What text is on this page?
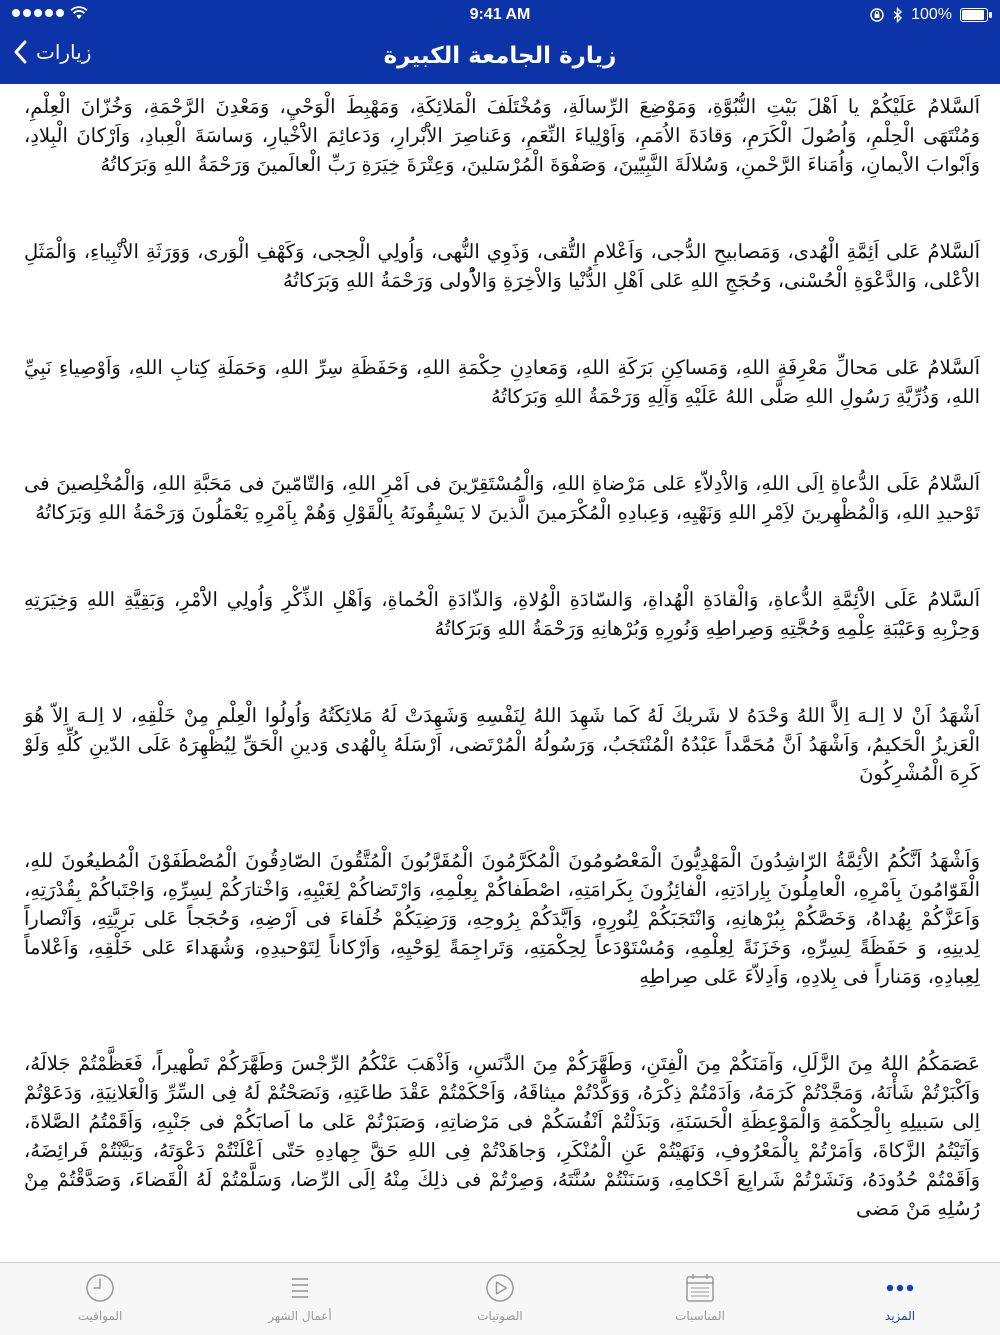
9:41 AM	100%
زيارات	زيارة الجامعة الكبيرة

اَلسَّلامُ عَلَيْكُمْ يا اَهْلَ بَيْتِ النُّبُوَّةِ، وَمَوْضِعَ الرِّسالَةِ، وَمُخْتَلَفَ الْمَلائِكَةِ، وَمَهْبِطَ الْوَحْيِ، وَمَعْدِنَ الرَّحْمَةِ، وَخُزّانَ الْعِلْمِ، وَمُنْتَهَى الْحِلْمِ، وَاُصُولَ الْكَرَمِ، وَقادَةَ الاُمَمِ، وَاَوْلِياءَ النِّعَمِ، وَعَناصِرَ الاَْبْرارِ، وَدَعائِمَ الاَْخْيارِ، وَساسَةَ الْعِبادِ، وَاَرْكانَ الْبِلادِ، وَاَبْوابَ الاْيمانِ، وَاُمَناءَ الرَّحْمنِ، وَسُلالَةَ النَّبِيّينَ، وَصَفْوَةَ الْمُرْسَلينَ، وَعِتْرَةَ خِيَرَةِ رَبِّ الْعالَمينَ وَرَحْمَةُ اللهِ وَبَرَكاتُهُ

اَلسَّلامُ عَلى اَئِمَّةِ الْهُدى، وَمَصابيحِ الدُّجى، وَاَعْلامِ التُّقى، وَذَوِي النُّهى، وَاُولِي الْحِجى، وَكَهْفِ الْوَرى، وَوَرَثَةِ الاَْنْبِياءِ، وَالْمَثَلِ الاَْعْلى، وَالدَّعْوَةِ الْحُسْنى، وَحُجَجِ اللهِ عَلى اَهْلِ الدُّنْيا وَالاْخِرَةِ وَالاُْولى وَرَحْمَةُ اللهِ وَبَرَكاتُهُ

اَلسَّلامُ عَلى مَحالِّ مَعْرِفَةِ اللهِ، وَمَساكِنِ بَرَكَةِ اللهِ، وَمَعادِنِ حِكْمَةِ اللهِ، وَحَفَظَةِ سِرِّ اللهِ، وَحَمَلَةِ كِتابِ اللهِ، وَاَوْصِياءِ نَبِيِّ اللهِ، وَذُرِّيَّةِ رَسُولِ اللهِ صَلَّى اللهُ عَلَيْهِ وَآلِهِ وَرَحْمَةُ اللهِ وَبَرَكاتُهُ

اَلسَّلامُ عَلَى الدُّعاةِ اِلَى اللهِ، وَالاَْدِلاّءِ عَلى مَرْضاةِ اللهِ، وَالْمُسْتَقِرّينَ فى اَمْرِ اللهِ، وَالتّامّينَ فى مَحَبَّةِ اللهِ، وَالْمُخْلِصينَ فى تَوْحيدِ اللهِ، وَالْمُظْهِرينَ لاَِمْرِ اللهِ وَنَهْيِهِ، وَعِبادِهِ الْمُكْرَمينَ الَّذينَ لا يَسْبِقُونَهُ بِالْقَوْلِ وَهُمْ بِاَمْرِهِ يَعْمَلُونَ وَرَحْمَةُ اللهِ وَبَرَكاتُهُ

اَلسَّلامُ عَلَى الاَْئِمَّةِ الدُّعاةِ، وَالْقادَةِ الْهُداةِ، وَالسّادَةِ الْوُلاةِ، وَالذّادَةِ الْحُماةِ، وَاَهْلِ الذِّكْرِ وَاُولِي الاَْمْرِ، وَبَقِيَّةِ اللهِ وَخِيَرَتِهِ وَحِزْبِهِ وَعَيْبَةِ عِلْمِهِ وَحُجَّتِهِ وَصِراطِهِ وَنُورِهِ وَبُرْهانِهِ وَرَحْمَةُ اللهِ وَبَرَكاتُهُ

اَشْهَدُ اَنْ لا اِلـهَ اِلاَّ اللهُ وَحْدَهُ لا شَريكَ لَهُ كَما شَهِدَ اللهُ لِنَفْسِهِ وَشَهِدَتْ لَهُ مَلائِكَتُهُ وَاُولُوا الْعِلْمِ مِنْ خَلْقِهِ، لا اِلـهَ اِلاّ هُوَ الْعَزيزُ الْحَكيمُ، وَاَشْهَدُ اَنَّ مُحَمَّداً عَبْدُهُ الْمُنْتَجَبُ، وَرَسُولُهُ الْمُرْتَضى، اَرْسَلَهُ بِالْهُدى وَدينِ الْحَقِّ لِيُظْهِرَهُ عَلَى الدّينِ كُلِّهِ وَلَوْ كَرِهَ الْمُشْرِكُونَ

وَاَشْهَدُ اَنَّكُمُ الاَْئِمَّةُ الرّاشِدُونَ الْمَهْدِيُّونَ الْمَعْصُومُونَ الْمُكَرَّمُونَ الْمُقَرَّبُونَ الْمُتَّقُونَ الصّادِقُونَ الْمُصْطَفَوْنَ الْمُطيعُونَ للهِ، الْقَوّامُونَ بِاَمْرِهِ، الْعامِلُونَ بِاِرادَتِهِ، الْفائِزُونَ بِكَرامَتِهِ، اصْطَفاكُمْ بِعِلْمِهِ، وَارْتَضاكُمْ لِغَيْبِهِ، وَاخْتارَكُمْ لِسِرِّهِ، وَاجْتَباكُمْ بِقُدْرَتِهِ، وَاَعَزَّكُمْ بِهُداهُ، وَخَصَّكُمْ بِبُرْهانِهِ، وَانْتَجَبَكُمْ لِنُورِهِ، وَاَيَّدَكُمْ بِرُوحِهِ، وَرَضِيَكُمْ خُلَفاءَ فى اَرْضِهِ، وَحُجَجاً عَلى بَرِيَّتِهِ، وَاَنْصاراً لِدينِهِ، وَ حَفَظَةً لِسِرِّهِ، وَخَزَنَةً لِعِلْمِهِ، وَمُسْتَوْدَعاً لِحِكْمَتِهِ، وَتَراجِمَةً لِوَحْيِهِ، وَاَرْكاناً لِتَوْحيدِهِ، وَشُهَداءَ عَلى خَلْقِهِ، وَاَعْلاماً لِعِبادِهِ، وَمَناراً فى بِلادِهِ، وَاَدِلاّءَ عَلى صِراطِهِ

عَصَمَكُمُ اللهُ مِنَ الزَّلَلِ، وَآمَنَكُمْ مِنَ الْفِتَنِ، وَطَهَّرَكُمْ مِنَ الدَّنَسِ، وَاَذْهَبَ عَنْكُمُ الرِّجْسَ وَطَهَّرَكُمْ تَطْهيراً، فَعَظَّمْتُمْ جَلالَهُ، وَاَكْبَرْتُمْ شَأْنَهُ، وَمَجَّدْتُمْ كَرَمَهُ، وَاَدَمْتُمْ ذِكْرَهُ، وَوَكَّدْتُمْ ميثاقَهُ، وَاَحْكَمْتُمْ عَقْدَ طاعَتِهِ، وَنَصَحْتُمْ لَهُ فِى السِّرِّ وَالْعَلانِيَةِ، وَدَعَوْتُمْ اِلى سَبيلِهِ بِالْحِكْمَةِ وَالْمَوْعِظَةِ الْحَسَنَةِ، وَبَذَلْتُمْ اَنْفُسَكُمْ فى مَرْضاتِهِ، وَصَبَرْتُمْ عَلى ما اَصابَكُمْ فى جَنْبِهِ، وَاَقَمْتُمُ الصَّلاةَ، وَآتَيْتُمُ الزَّكاةَ، وَاَمَرْتُمْ بِالْمَعْرُوفِ، وَنَهَيْتُمْ عَنِ الْمُنْكَرِ، وَجاهَدْتُمْ فِى اللهِ حَقَّ جِهادِهِ حَتّى اَعْلَنْتُمْ دَعْوَتَهُ، وَبَيَّنْتُمْ فَرائِضَهُ، وَاَقَمْتُمْ حُدُودَهُ، وَنَشَرْتُمْ شَرايِعَ اَحْكامِهِ، وَسَنَنْتُمْ سُنَّتَهُ، وَصِرْتُمْ فى ذلِكَ مِنْهُ اِلَى الرِّضا، وَسَلَّمْتُمْ لَهُ الْقَضاءَ، وَصَدَّقْتُمْ مِنْ رُسُلِهِ مَنْ مَضى

المزيد
المناسبات
الصوتيات
أعمال الشهر
المواقيت
